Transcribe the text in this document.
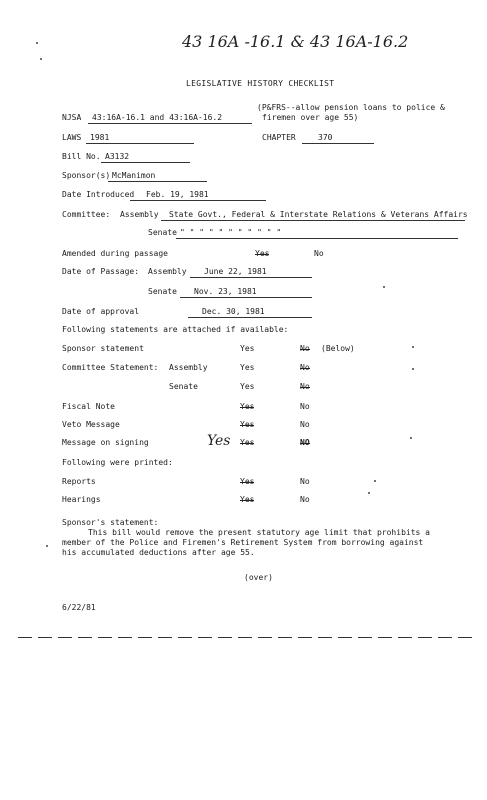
43 16A -16.1 & 43 16A-16.2
LEGISLATIVE HISTORY CHECKLIST
NJSA	43:16A-16.1 and 43:16A-16.2
(P&FRS--allow pension loans to police &
firemen over age 55)
LAWS	1981	CHAPTER	370
Bill No. A3132
Sponsor(s) McManimon
Date Introduced	Feb. 19, 1981
Committee: Assembly	State Govt., Federal & Interstate Relations & Veterans Affairs
Senate " " " " " " " " " " "
Amended during passage	Yes	No
Date of Passage: Assembly	June 22, 1981
Senate	Nov. 23, 1981
Date of approval	Dec. 30, 1981
Following statements are attached if available:
Sponsor statement	Yes	No (Below)
Committee Statement: Assembly	Yes	No
Senate	Yes	No
Fiscal Note	Yes	No
Veto Message	Yes	No
Message on signing	Yes Yes	NO
Following were printed:
Reports	Yes	No
Hearings	Yes	No
Sponsor's statement:
This bill would remove the present statutory age limit that prohibits a
member of the Police and Firemen's Retirement System from borrowing against
his accumulated deductions after age 55.
(over)
6/22/81
